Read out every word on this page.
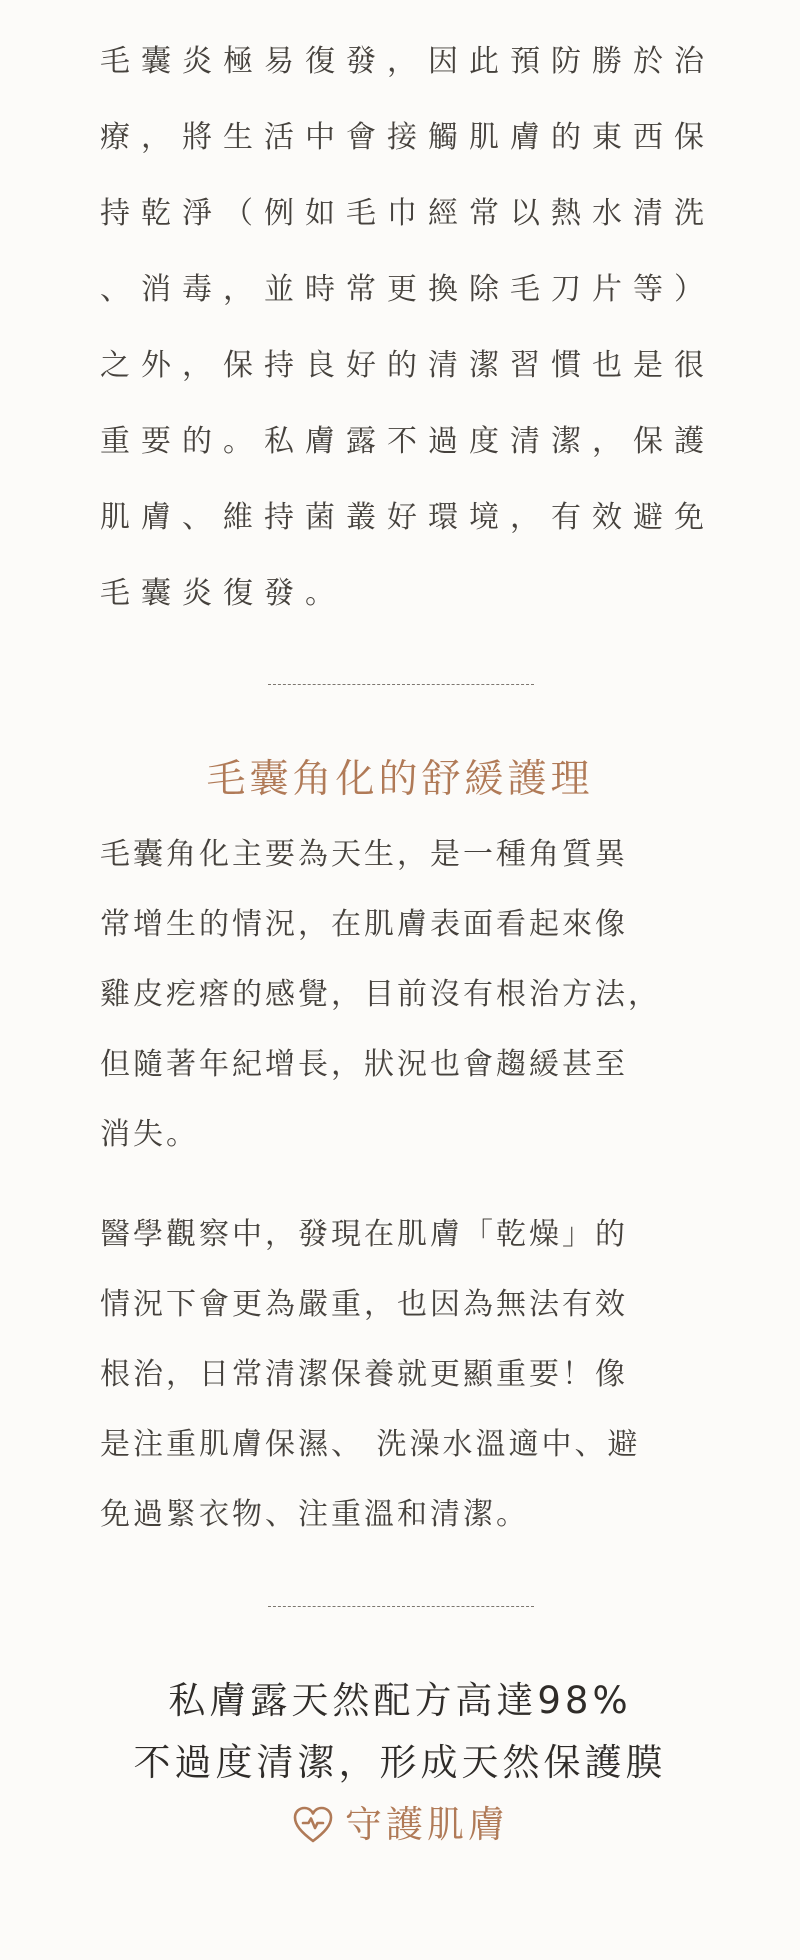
毛囊炎極易復發，因此預防勝於治
療，將生活中會接觸肌膚的東西保
持乾淨（例如毛巾經常以熱水清洗
、消毒，並時常更換除毛刀片等）
之外，保持良好的清潔習慣也是很
重要的。私膚露不過度清潔，保護
肌膚、維持菌叢好環境，有效避免
毛囊炎復發。
毛囊角化的舒緩護理
毛囊角化主要為天生，是一種角質異
常增生的情況，在肌膚表面看起來像
雞皮疙瘩的感覺，目前沒有根治方法，
但隨著年紀增長，狀況也會趨緩甚至
消失。
醫學觀察中，發現在肌膚「乾燥」的
情況下會更為嚴重，也因為無法有效
根治，日常清潔保養就更顯重要！像
是注重肌膚保濕、 洗澡水溫適中、避
免過緊衣物、注重溫和清潔。
私膚露天然配方高達98%
不過度清潔，形成天然保護膜
守護肌膚
